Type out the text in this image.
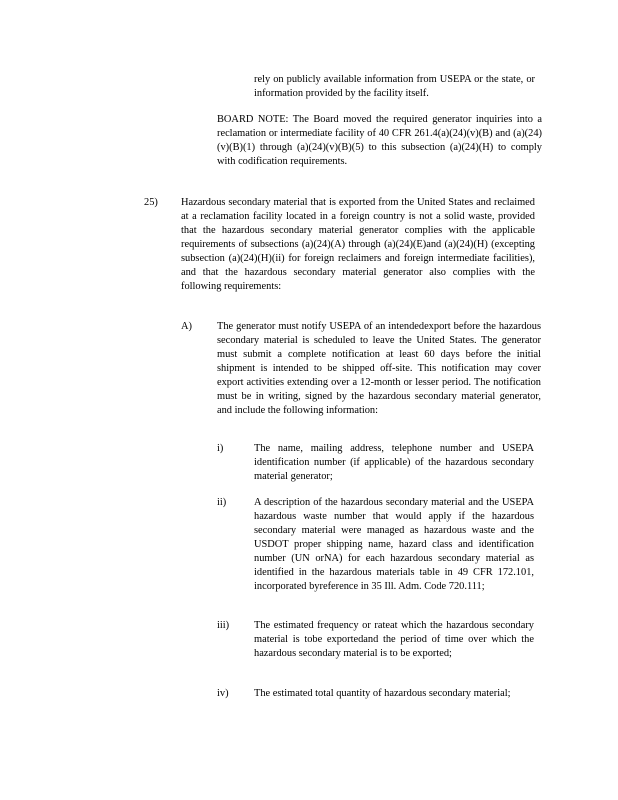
rely on publicly available information from USEPA or the state, or information provided by the facility itself.

BOARD NOTE: The Board moved the required generator inquiries into a reclamation or intermediate facility of 40 CFR 261.4(a)(24)(v)(B) and (a)(24)(v)(B)(1) through (a)(24)(v)(B)(5) to this subsection (a)(24)(H) to comply with codification requirements.

25) Hazardous secondary material that is exported from the United States and reclaimed at a reclamation facility located in a foreign country is not a solid waste, provided that the hazardous secondary material generator complies with the applicable requirements of subsections (a)(24)(A) through (a)(24)(E)and (a)(24)(H) (excepting subsection (a)(24)(H)(ii) for foreign reclaimers and foreign intermediate facilities), and that the hazardous secondary material generator also complies with the following requirements:

A) The generator must notify USEPA of an intendedexport before the hazardous secondary material is scheduled to leave the United States. The generator must submit a complete notification at least 60 days before the initial shipment is intended to be shipped off-site. This notification may cover export activities extending over a 12-month or lesser period. The notification must be in writing, signed by the hazardous secondary material generator, and include the following information:

i)	The name, mailing address, telephone number and USEPA identification number (if applicable) of the hazardous secondary material generator;

ii)	A description of the hazardous secondary material and the USEPA hazardous waste number that would apply if the hazardous secondary material were managed as hazardous waste and the USDOT proper shipping name, hazard class and identification number (UN orNA) for each hazardous secondary material as identified in the hazardous materials table in 49 CFR 172.101, incorporated byreference in 35 Ill. Adm. Code 720.111;

iii) The estimated frequency or rateat which the hazardous secondary material is tobe exportedand the period of time over which the hazardous secondary material is to be exported;

iv) The estimated total quantity of hazardous secondary material;
